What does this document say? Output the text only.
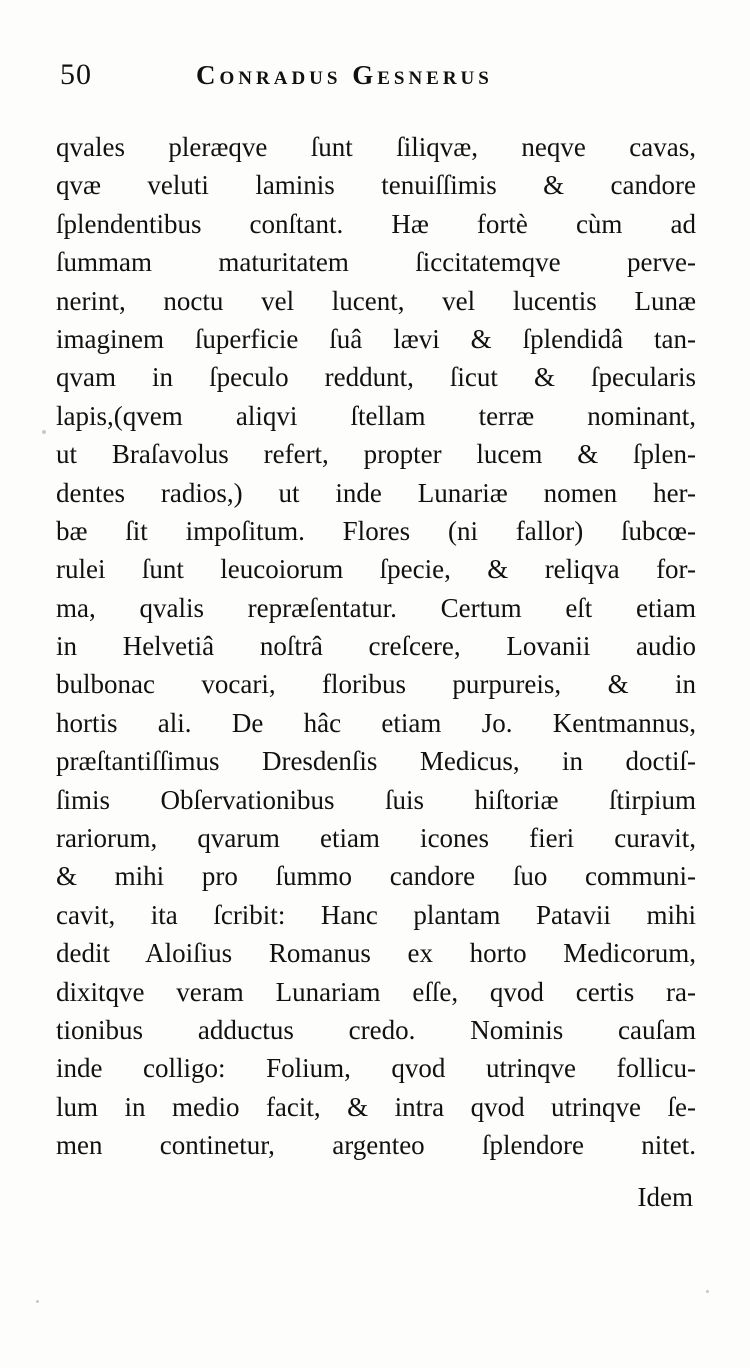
50	Conradus Gesnerus
qvales pleræqve ſunt ſiliqvæ, neqve cavas,
qvæ veluti laminis tenuiſſimis & candore
ſplendentibus conſtant. Hæ fortè cùm ad
ſummam maturitatem ſiccitatemqve perve-
nerint, noctu vel lucent, vel lucentis Lunæ
imaginem ſuperficie ſuâ lævi & ſplendidâ tan-
qvam in ſpeculo reddunt, ſicut & ſpecularis
lapis,(qvem aliqvi ſtellam terræ nominant,
ut Braſavolus refert, propter lucem & ſplen-
dentes radios,) ut inde Lunariæ nomen her-
bæ ſit impoſitum. Flores (ni fallor) ſubcœ-
rulei ſunt leucoiorum ſpecie, & reliqva for-
ma, qvalis repræſentatur. Certum eſt etiam
in Helvetiâ noſtrâ creſcere, Lovanii audio
bulbonac vocari, floribus purpureis, & in
hortis ali. De hâc etiam Jo. Kentmannus,
præſtantiſſimus Dresdenſis Medicus, in doctiſ-
ſimis Obſervationibus ſuis hiſtoriæ ſtirpium
rariorum, qvarum etiam icones fieri curavit,
& mihi pro ſummo candore ſuo communi-
cavit, ita ſcribit: Hanc plantam Patavii mihi
dedit Aloiſius Romanus ex horto Medicorum,
dixitqve veram Lunariam eſſe, qvod certis ra-
tionibus adductus credo. Nominis cauſam
inde colligo: Folium, qvod utrinqve follicu-
lum in medio facit, & intra qvod utrinqve ſe-
men continetur, argenteo ſplendore nitet.
Idem
